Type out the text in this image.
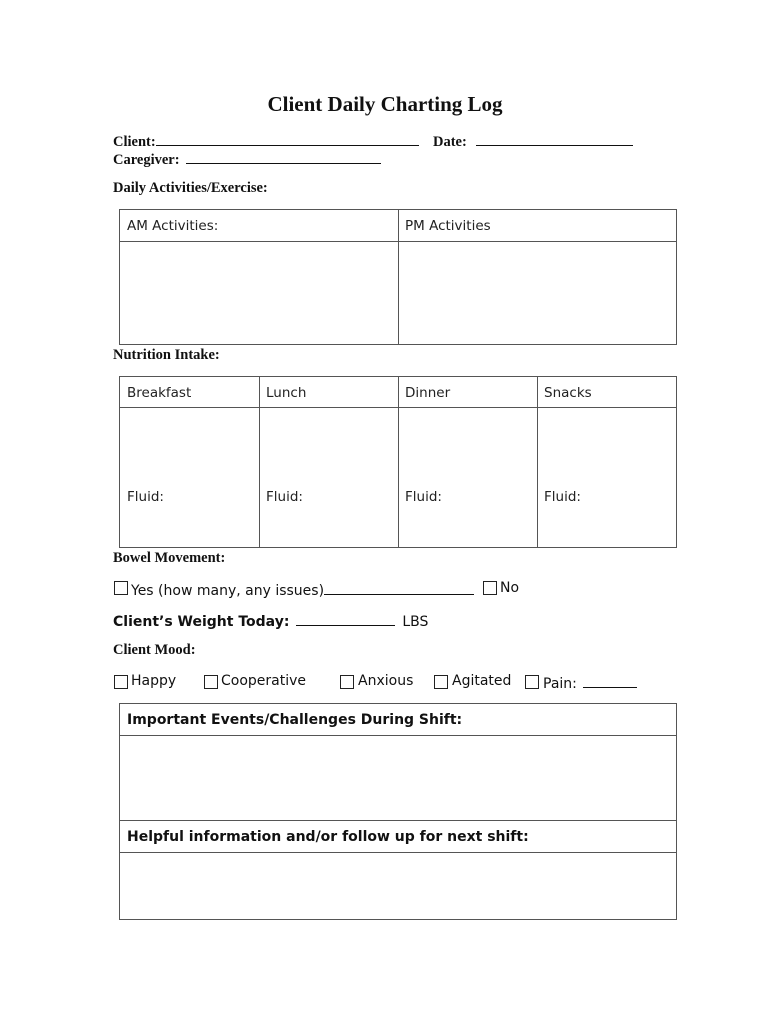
Client Daily Charting Log
Client:	Date:
Caregiver:
Daily Activities/Exercise:
AM Activities:	PM Activities
Nutrition Intake:
Breakfast	Lunch	Dinner	Snacks
Fluid:	Fluid:	Fluid:	Fluid:
Bowel Movement:
Yes (how many, any issues)	No
Client’s Weight Today:	LBS
Client Mood:
Happy	Cooperative	Anxious	Agitated Pain:
Important Events/Challenges During Shift:
Helpful information and/or follow up for next shift:
